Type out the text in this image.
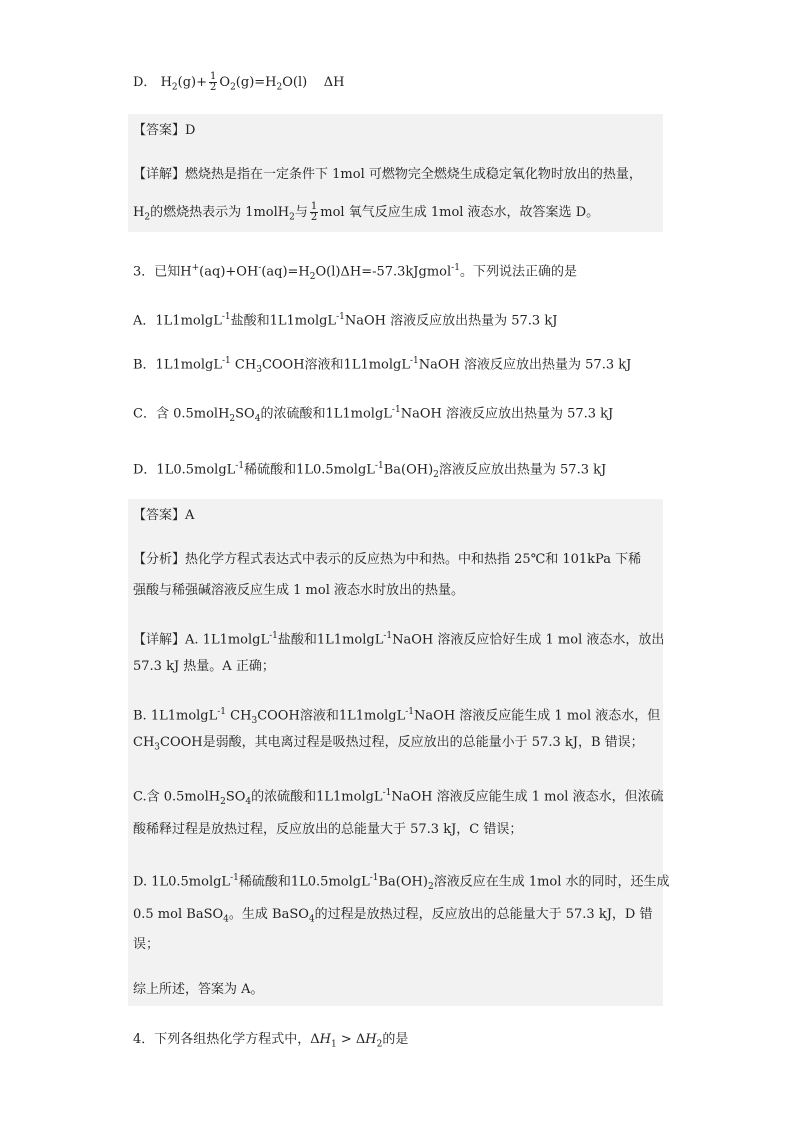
D． $H_2(g)+ \frac{1}{2} O_2(g)=H_2O(l)$    ΔH
【答案】D
【详解】燃烧热是指在一定条件下 1mol 可燃物完全燃烧生成稳定氧化物时放出的热量，
$H_2$的燃烧热表示为 1molH$_2$与 $\frac{1}{2}$ mol 氧气反应生成 1mol 液态水，故答案选 D。
3．已知$H^+(aq)+OH^-(aq)=H_2O(l)\Delta H=-57.3kJgmol^{-1}$。下列说法正确的是
A．1L1molgL$^{-1}$盐酸和1L1molgL$^{-1}$NaOH 溶液反应放出热量为 57.3 kJ
B．1L1molgL$^{-1}$ $CH_3COOH$溶液和1L1molgL$^{-1}$NaOH 溶液反应放出热量为 57.3 kJ
C．含 $0.5molH_2SO_4$的浓硫酸和1L1molgL$^{-1}$NaOH 溶液反应放出热量为 57.3 kJ
D．1L0.5molgL$^{-1}$稀硫酸和$1L0.5molgL^{-1}Ba(OH)_2$溶液反应放出热量为 57.3 kJ
【答案】A
【分析】热化学方程式表达式中表示的反应热为中和热。中和热指 25℃和 101kPa 下稀
强酸与稀强碱溶液反应生成 1 mol 液态水时放出的热量。
【详解】A. 1L1molgL$^{-1}$盐酸和1L1molgL$^{-1}$NaOH 溶液反应恰好生成 1 mol 液态水，放出
57.3 kJ 热量。A 正确；
B. 1L1molgL$^{-1}$ $CH_3COOH$溶液和1L1molgL$^{-1}$NaOH 溶液反应能生成 1 mol 液态水，但
$CH_3COOH$是弱酸，其电离过程是吸热过程，反应放出的总能量小于 57.3 kJ，B 错误；
C.含 $0.5molH_2SO_4$的浓硫酸和1L1molgL$^{-1}$NaOH 溶液反应能生成 1 mol 液态水，但浓硫
酸稀释过程是放热过程，反应放出的总能量大于 57.3 kJ，C 错误；
D. 1L0.5molgL$^{-1}$稀硫酸和$1L0.5molgL^{-1}Ba(OH)_2$溶液反应在生成 1mol 水的同时，还生成
0.5 mol BaSO$_4$。生成 BaSO$_4$的过程是放热过程，反应放出的总能量大于 57.3 kJ，D 错
误；
综上所述，答案为 A。
4．下列各组热化学方程式中，$\Delta H_1 > \Delta H_2$的是
